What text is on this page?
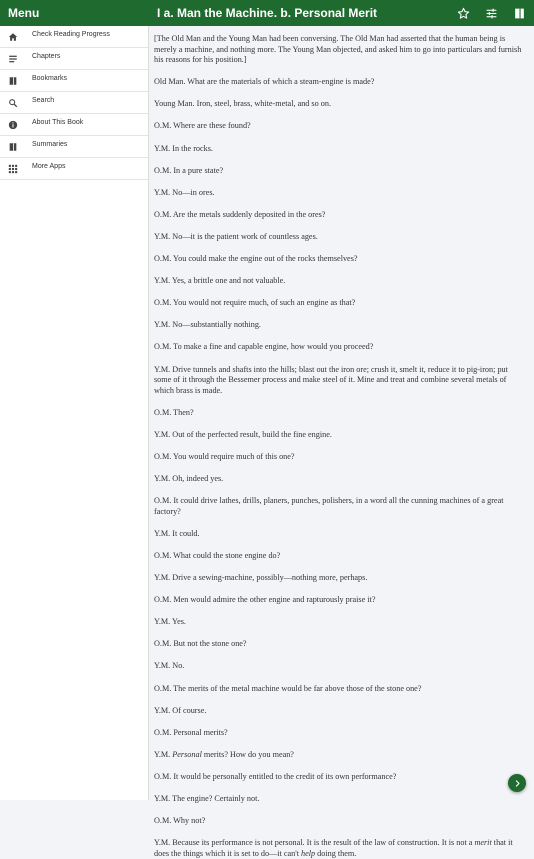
Menu	I a. Man the Machine. b. Personal Merit
Check Reading Progress
Chapters
Bookmarks
Search
About This Book
Summaries
More Apps

[The Old Man and the Young Man had been conversing. The Old Man had asserted that the human being is merely a machine, and nothing more. The Young Man objected, and asked him to go into particulars and furnish his reasons for his position.]

Old Man. What are the materials of which a steam-engine is made?

Young Man. Iron, steel, brass, white-metal, and so on.

O.M. Where are these found?

Y.M. In the rocks.

O.M. In a pure state?

Y.M. No—in ores.

O.M. Are the metals suddenly deposited in the ores?

Y.M. No—it is the patient work of countless ages.

O.M. You could make the engine out of the rocks themselves?

Y.M. Yes, a brittle one and not valuable.

O.M. You would not require much, of such an engine as that?

Y.M. No—substantially nothing.

O.M. To make a fine and capable engine, how would you proceed?

Y.M. Drive tunnels and shafts into the hills; blast out the iron ore; crush it, smelt it, reduce it to pig-iron; put some of it through the Bessemer process and make steel of it. Mine and treat and combine several metals of which brass is made.

O.M. Then?

Y.M. Out of the perfected result, build the fine engine.

O.M. You would require much of this one?

Y.M. Oh, indeed yes.

O.M. It could drive lathes, drills, planers, punches, polishers, in a word all the cunning machines of a great factory?

Y.M. It could.

O.M. What could the stone engine do?

Y.M. Drive a sewing-machine, possibly—nothing more, perhaps.

O.M. Men would admire the other engine and rapturously praise it?

Y.M. Yes.

O.M. But not the stone one?

Y.M. No.

O.M. The merits of the metal machine would be far above those of the stone one?

Y.M. Of course.

O.M. Personal merits?

Y.M. Personal merits? How do you mean?

O.M. It would be personally entitled to the credit of its own performance?

Y.M. The engine? Certainly not.

O.M. Why not?

Y.M. Because its performance is not personal. It is the result of the law of construction. It is not a merit that it does the things which it is set to do—it can't help doing them.
